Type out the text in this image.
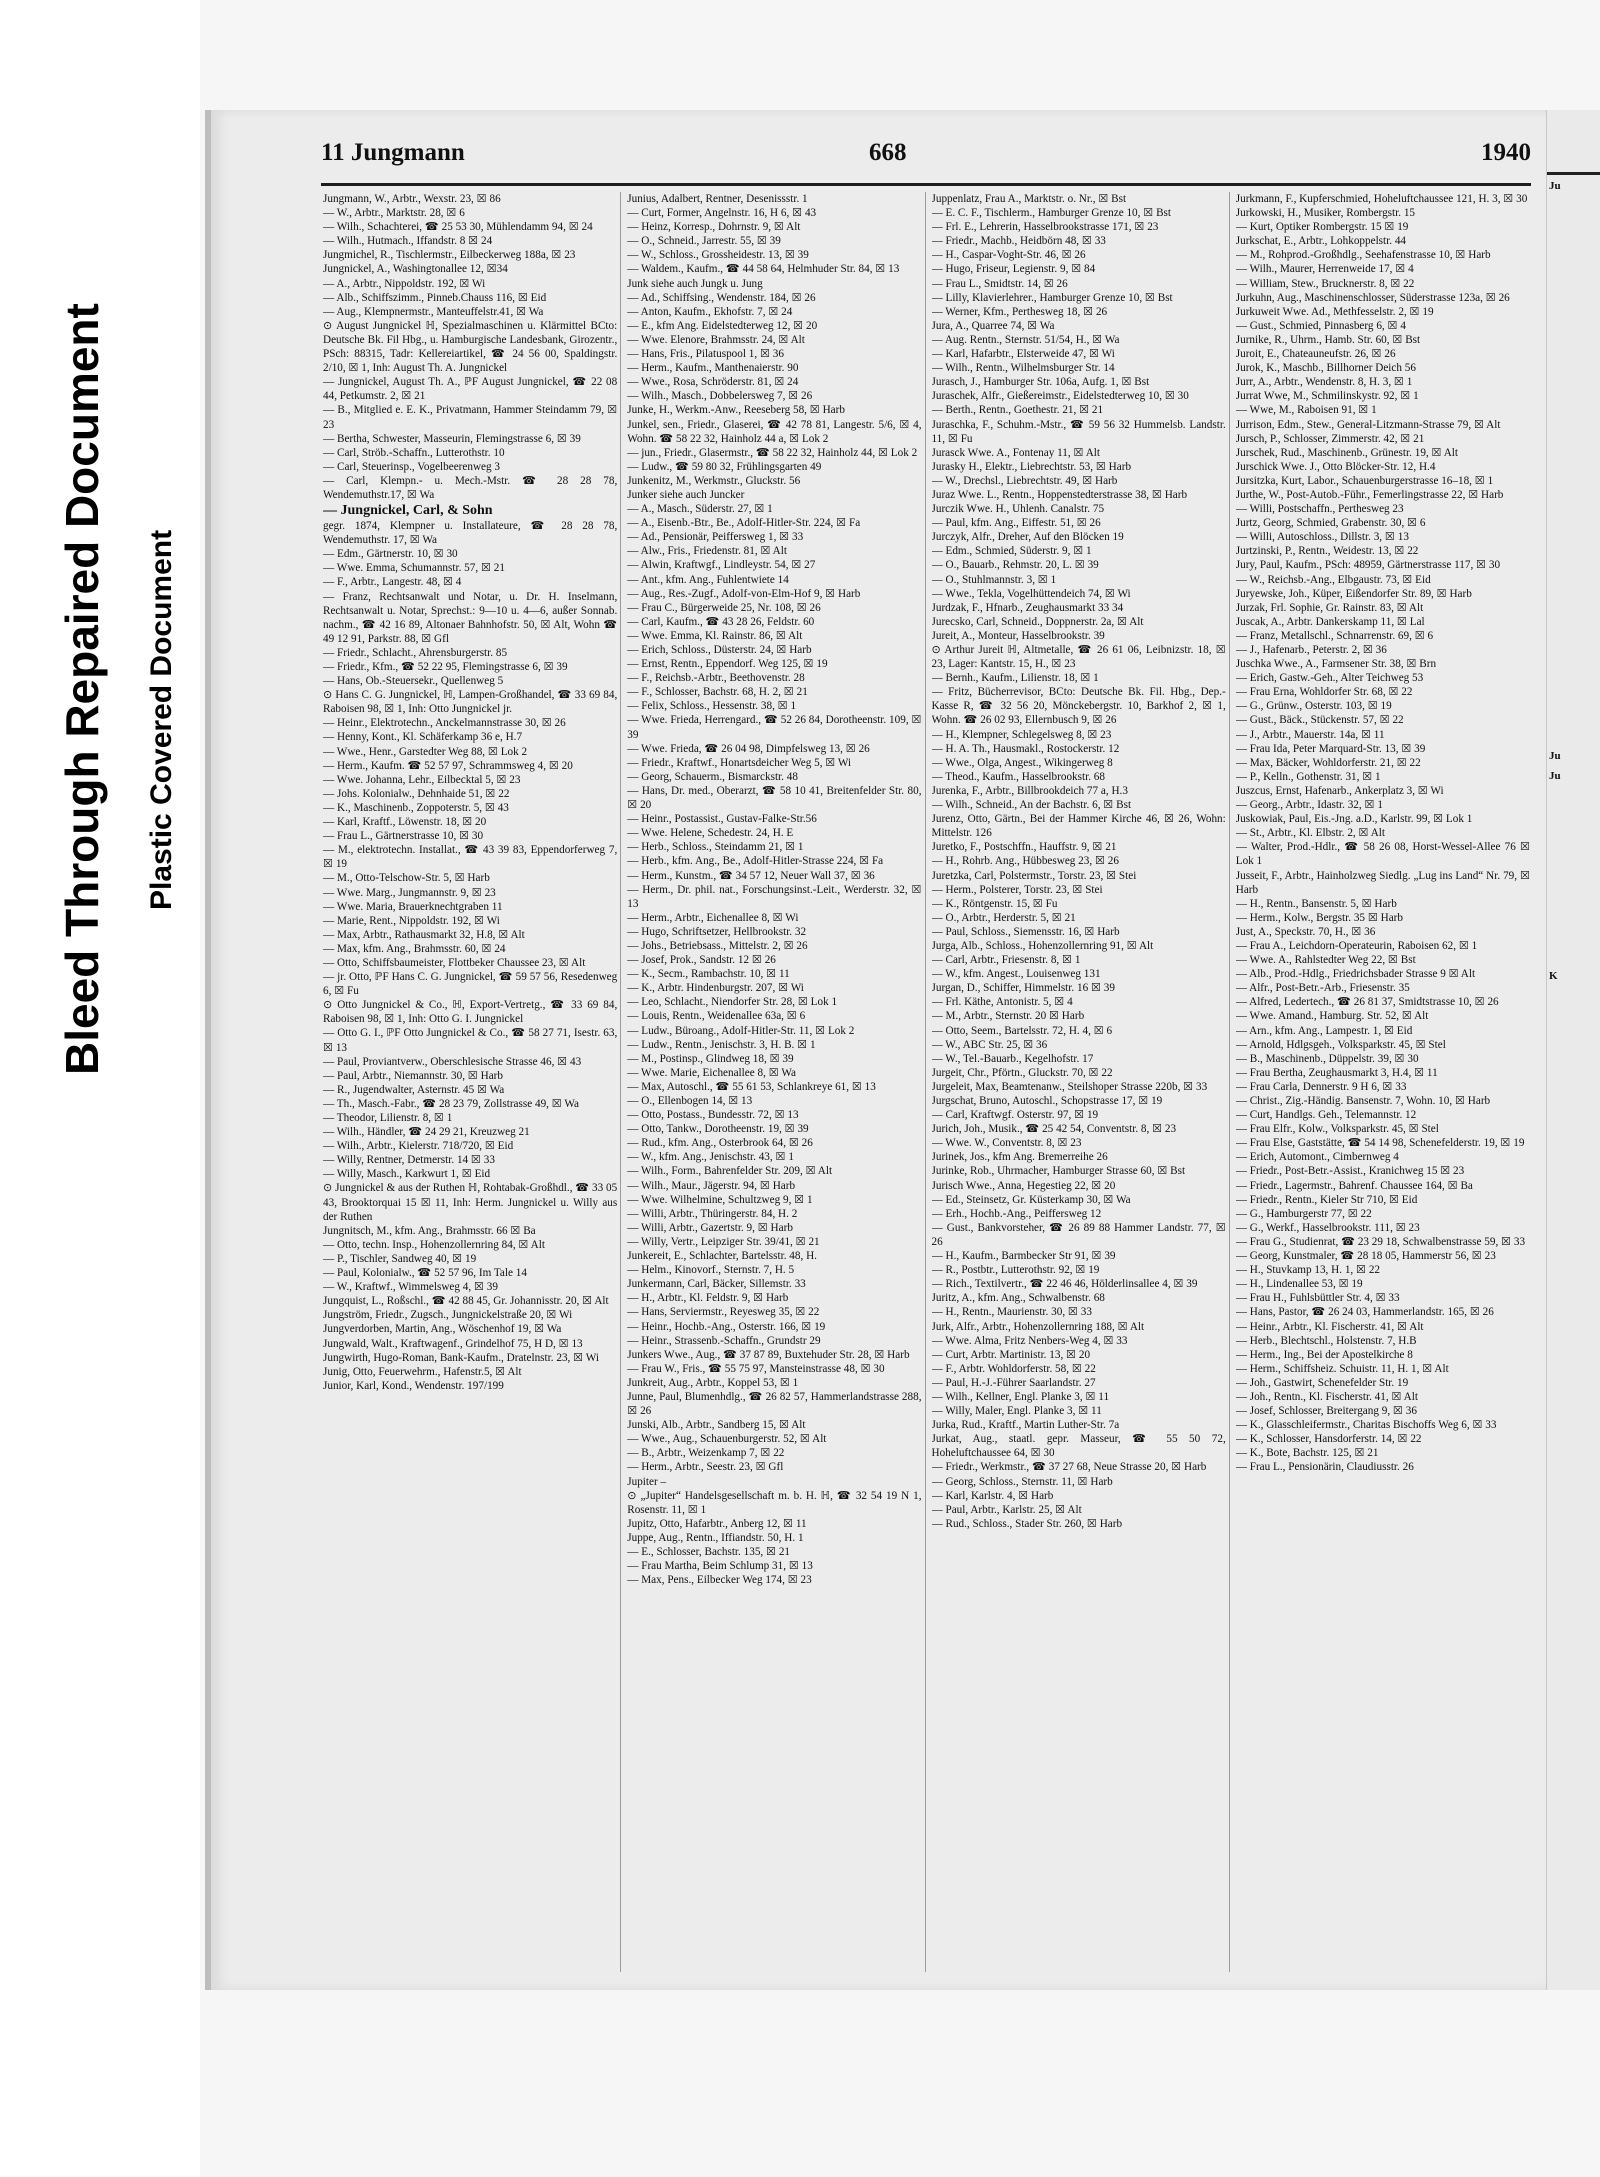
Bleed Through Repaired Document Plastic Covered Document
11 Jungmann	668	1940
Jungmann, W., Arbtr., Wexstr. 23, ☒ 86
— W., Arbtr., Marktstr. 28, ☒ 6
— Wilh., Schachterei, ☎ 25 53 30, Mühlendamm 94, ☒ 24
— Wilh., Hutmach., Iffandstr. 8 ☒ 24
Jungmichel, R., Tischlermstr., Eilbeckerweg 188a, ☒ 23
Jungnickel, A., Washingtonallee 12, ☒34
— A., Arbtr., Nippoldstr. 192, ☒ Wi
— Alb., Schiffszimm., Pinneb.Chauss 116, ☒ Eid
— Aug., Klempnermstr., Manteuffelstr.41, ☒ Wa
⊙ August Jungnickel ℍ, Spezialmaschinen u. Klärmittel BCto: Deutsche Bk. Fil Hbg., u. Hamburgische Landesbank, Girozentr., PSch: 88315, Tadr: Kellereiartikel, ☎ 24 56 00, Spaldingstr. 2/10, ☒ 1, Inh: August Th. A. Jungnickel
— Jungnickel, August Th. A., ℙF August Jungnickel, ☎ 22 08 44, Petkumstr. 2, ☒ 21
— B., Mitglied e. E. K., Privatmann, Hammer Steindamm 79, ☒ 23
— Bertha, Schwester, Masseurin, Flemingstrasse 6, ☒ 39
— Carl, Ströb.-Schaffn., Lutterothstr. 10
— Carl, Steuerinsp., Vogelbeerenweg 3
— Carl, Klempn.- u. Mech.-Mstr. ☎ 28 28 78, Wendemuthstr.17, ☒ Wa
— Jungnickel, Carl, & Sohn
gegr. 1874, Klempner u. Installateure, ☎ 28 28 78, Wendemuthstr. 17, ☒ Wa
— Edm., Gärtnerstr. 10, ☒ 30
— Wwe. Emma, Schumannstr. 57, ☒ 21
— F., Arbtr., Langestr. 48, ☒ 4
— Franz, Rechtsanwalt und Notar, u. Dr. H. Inselmann, Rechtsanwalt u. Notar, Sprechst.: 9—10 u. 4—6, außer Sonnab. nachm., ☎ 42 16 89, Altonaer Bahnhofstr. 50, ☒ Alt, Wohn ☎ 49 12 91, Parkstr. 88, ☒ Gfl
— Friedr., Schlacht., Ahrensburgerstr. 85
— Friedr., Kfm., ☎ 52 22 95, Flemingstrasse 6, ☒ 39
— Hans, Ob.-Steuersekr., Quellenweg 5
⊙ Hans C. G. Jungnickel, ℍ, Lampen-Großhandel, ☎ 33 69 84, Raboisen 98, ☒ 1, Inh: Otto Jungnickel jr.
— Heinr., Elektrotechn., Anckelmannstrasse 30, ☒ 26
— Henny, Kont., Kl. Schäferkamp 36 e, H.7
— Wwe., Henr., Garstedter Weg 88, ☒ Lok 2
— Herm., Kaufm. ☎ 52 57 97, Schrammsweg 4, ☒ 20
— Wwe. Johanna, Lehr., Eilbecktal 5, ☒ 23
— Johs. Kolonialw., Dehnhaide 51, ☒ 22
— K., Maschinenb., Zoppoterstr. 5, ☒ 43
— Karl, Kraftf., Löwenstr. 18, ☒ 20
— Frau L., Gärtnerstrasse 10, ☒ 30
— M., elektrotechn. Installat., ☎ 43 39 83, Eppendorferweg 7, ☒ 19
— M., Otto-Telschow-Str. 5, ☒ Harb
— Wwe. Marg., Jungmannstr. 9, ☒ 23
— Wwe. Maria, Brauerknechtgraben 11
— Marie, Rent., Nippoldstr. 192, ☒ Wi
— Max, Arbtr., Rathausmarkt 32, H.8, ☒ Alt
— Max, kfm. Ang., Brahmsstr. 60, ☒ 24
— Otto, Schiffsbaumeister, Flottbeker Chaussee 23, ☒ Alt
— jr. Otto, ℙF Hans C. G. Jungnickel, ☎ 59 57 56, Resedenweg 6, ☒ Fu
⊙ Otto Jungnickel & Co., ℍ, Export-Vertretg., ☎ 33 69 84, Raboisen 98, ☒ 1, Inh: Otto G. I. Jungnickel
— Otto G. I., ℙF Otto Jungnickel & Co., ☎ 58 27 71, Isestr. 63, ☒ 13
— Paul, Proviantverw., Oberschlesische Strasse 46, ☒ 43
— Paul, Arbtr., Niemannstr. 30, ☒ Harb
— R., Jugendwalter, Asternstr. 45 ☒ Wa
— Th., Masch.-Fabr., ☎ 28 23 79, Zollstrasse 49, ☒ Wa
— Theodor, Lilienstr. 8, ☒ 1
— Wilh., Händler, ☎ 24 29 21, Kreuzweg 21
— Wilh., Arbtr., Kielerstr. 718/720, ☒ Eid
— Willy, Rentner, Detmerstr. 14 ☒ 33
— Willy, Masch., Karkwurt 1, ☒ Eid
⊙ Jungnickel & aus der Ruthen ℍ, Rohtabak-Großhdl., ☎ 33 05 43, Brooktorquai 15 ☒ 11, Inh: Herm. Jungnickel u. Willy aus der Ruthen
Jungnitsch, M., kfm. Ang., Brahmsstr. 66 ☒ Ba
— Otto, techn. Insp., Hohenzollernring 84, ☒ Alt
— P., Tischler, Sandweg 40, ☒ 19
— Paul, Kolonialw., ☎ 52 57 96, Im Tale 14
— W., Kraftwf., Wimmelsweg 4, ☒ 39
Jungquist, L., Roßschl., ☎ 42 88 45, Gr. Johannisstr. 20, ☒ Alt
Jungström, Friedr., Zugsch., Jungnickelstraße 20, ☒ Wi
Jungverdorben, Martin, Ang., Wöschenhof 19, ☒ Wa
Jungwald, Walt., Kraftwagenf., Grindelhof 75, H D, ☒ 13
Jungwirth, Hugo-Roman, Bank-Kaufm., Dratelnstr. 23, ☒ Wi
Junig, Otto, Feuerwehrm., Hafenstr.5, ☒ Alt
Junior, Karl, Kond., Wendenstr. 197/199
Junius, Adalbert, Rentner, Desenissstr. 1
— Curt, Former, Angelnstr. 16, H 6, ☒ 43
— Heinz, Korresp., Dohrnstr. 9, ☒ Alt
— O., Schneid., Jarrestr. 55, ☒ 39
— W., Schloss., Grossheidestr. 13, ☒ 39
— Waldem., Kaufm., ☎ 44 58 64, Helmhuder Str. 84, ☒ 13
Junk siehe auch Jungk u. Jung
— Ad., Schiffsing., Wendenstr. 184, ☒ 26
— Anton, Kaufm., Ekhofstr. 7, ☒ 24
— E., kfm Ang. Eidelstedterweg 12, ☒ 20
— Wwe. Elenore, Brahmsstr. 24, ☒ Alt
— Hans, Fris., Pilatuspool 1, ☒ 36
— Herm., Kaufm., Manthenaierstr. 90
— Wwe., Rosa, Schröderstr. 81, ☒ 24
— Wilh., Masch., Dobbelersweg 7, ☒ 26
Junke, H., Werkm.-Anw., Reeseberg 58, ☒ Harb
Junkel, sen., Friedr., Glaserei, ☎ 42 78 81, Langestr. 5/6, ☒ 4, Wohn. ☎ 58 22 32, Hainholz 44 a, ☒ Lok 2
— jun., Friedr., Glasermstr., ☎ 58 22 32, Hainholz 44, ☒ Lok 2
— Ludw., ☎ 59 80 32, Frühlingsgarten 49
Junkenitz, M., Werkmstr., Gluckstr. 56
Junker siehe auch Juncker
— A., Masch., Süderstr. 27, ☒ 1
— A., Eisenb.-Btr., Be., Adolf-Hitler-Str. 224, ☒ Fa
— Ad., Pensionär, Peiffersweg 1, ☒ 33
— Alw., Fris., Friedenstr. 81, ☒ Alt
— Alwin, Kraftwgf., Lindleystr. 54, ☒ 27
— Ant., kfm. Ang., Fuhlentwiete 14
— Aug., Res.-Zugf., Adolf-von-Elm-Hof 9, ☒ Harb
— Frau C., Bürgerweide 25, Nr. 108, ☒ 26
— Carl, Kaufm., ☎ 43 28 26, Feldstr. 60
— Wwe. Emma, Kl. Rainstr. 86, ☒ Alt
— Erich, Schloss., Düsterstr. 24, ☒ Harb
— Ernst, Rentn., Eppendorf. Weg 125, ☒ 19
— F., Reichsb.-Arbtr., Beethovenstr. 28
— F., Schlosser, Bachstr. 68, H. 2, ☒ 21
— Felix, Schloss., Hessenstr. 38, ☒ 1
— Wwe. Frieda, Herrengard., ☎ 52 26 84, Dorotheenstr. 109, ☒ 39
— Wwe. Frieda, ☎ 26 04 98, Dimpfelsweg 13, ☒ 26
— Friedr., Kraftwf., Honartsdeicher Weg 5, ☒ Wi
— Georg, Schauerm., Bismarckstr. 48
— Hans, Dr. med., Oberarzt, ☎ 58 10 41, Breitenfelder Str. 80, ☒ 20
— Heinr., Postassist., Gustav-Falke-Str.56
— Wwe. Helene, Schedestr. 24, H. E
— Herb., Schloss., Steindamm 21, ☒ 1
— Herb., kfm. Ang., Be., Adolf-Hitler-Strasse 224, ☒ Fa
— Herm., Kunstm., ☎ 34 57 12, Neuer Wall 37, ☒ 36
— Herm., Dr. phil. nat., Forschungsinst.-Leit., Werderstr. 32, ☒ 13
— Herm., Arbtr., Eichenallee 8, ☒ Wi
— Hugo, Schriftsetzer, Hellbrookstr. 32
— Johs., Betriebsass., Mittelstr. 2, ☒ 26
— Josef, Prok., Sandstr. 12 ☒ 26
— K., Secm., Rambachstr. 10, ☒ 11
— K., Arbtr. Hindenburgstr. 207, ☒ Wi
— Leo, Schlacht., Niendorfer Str. 28, ☒ Lok 1
— Louis, Rentn., Weidenallee 63a, ☒ 6
— Ludw., Büroang., Adolf-Hitler-Str. 11, ☒ Lok 2
— Ludw., Rentn., Jenischstr. 3, H. B. ☒ 1
— M., Postinsp., Glindweg 18, ☒ 39
— Wwe. Marie, Eichenallee 8, ☒ Wa
— Max, Autoschl., ☎ 55 61 53, Schlankreye 61, ☒ 13
— O., Ellenbogen 14, ☒ 13
— Otto, Postass., Bundesstr. 72, ☒ 13
— Otto, Tankw., Dorotheenstr. 19, ☒ 39
— Rud., kfm. Ang., Osterbrook 64, ☒ 26
— W., kfm. Ang., Jenischstr. 43, ☒ 1
— Wilh., Form., Bahrenfelder Str. 209, ☒ Alt
— Wilh., Maur., Jägerstr. 94, ☒ Harb
— Wwe. Wilhelmine, Schultzweg 9, ☒ 1
— Willi, Arbtr., Thüringerstr. 84, H. 2
— Willi, Arbtr., Gazertstr. 9, ☒ Harb
— Willy, Vertr., Leipziger Str. 39/41, ☒ 21
Junkereit, E., Schlachter, Bartelsstr. 48, H.
— Helm., Kinovorf., Sternstr. 7, H. 5
Junkermann, Carl, Bäcker, Sillemstr. 33
— H., Arbtr., Kl. Feldstr. 9, ☒ Harb
— Hans, Serviermstr., Reyesweg 35, ☒ 22
— Heinr., Hochb.-Ang., Osterstr. 166, ☒ 19
— Heinr., Strassenb.-Schaffn., Grundstr 29
Junkers Wwe., Aug., ☎ 37 87 89, Buxtehuder Str. 28, ☒ Harb
— Frau W., Fris., ☎ 55 75 97, Mansteinstrasse 48, ☒ 30
Junkreit, Aug., Arbtr., Koppel 53, ☒ 1
Junne, Paul, Blumenhdlg., ☎ 26 82 57, Hammerlandstrasse 288, ☒ 26
Junski, Alb., Arbtr., Sandberg 15, ☒ Alt
— Wwe., Aug., Schauenburgerstr. 52, ☒ Alt
— B., Arbtr., Weizenkamp 7, ☒ 22
— Herm., Arbtr., Seestr. 23, ☒ Gfl
Jupiter –
⊙ „Jupiter“ Handelsgesellschaft m. b. H. ℍ, ☎ 32 54 19 N 1, Rosenstr. 11, ☒ 1
Jupitz, Otto, Hafarbtr., Anberg 12, ☒ 11
Juppe, Aug., Rentn., Iffiandstr. 50, H. 1
— E., Schlosser, Bachstr. 135, ☒ 21
— Frau Martha, Beim Schlump 31, ☒ 13
— Max, Pens., Eilbecker Weg 174, ☒ 23
Juppenlatz, Frau A., Marktstr. o. Nr., ☒ Bst
— E. C. F., Tischlerm., Hamburger Grenze 10, ☒ Bst
— Frl. E., Lehrerin, Hasselbrookstrasse 171, ☒ 23
— Friedr., Machb., Heidbörn 48, ☒ 33
— H., Caspar-Voght-Str. 46, ☒ 26
— Hugo, Friseur, Legienstr. 9, ☒ 84
— Frau L., Smidtstr. 14, ☒ 26
— Lilly, Klavierlehrer., Hamburger Grenze 10, ☒ Bst
— Werner, Kfm., Perthesweg 18, ☒ 26
Jura, A., Quarree 74, ☒ Wa
— Aug. Rentn., Sternstr. 51/54, H., ☒ Wa
— Karl, Hafarbtr., Elsterweide 47, ☒ Wi
— Wilh., Rentn., Wilhelmsburger Str. 14
Jurasch, J., Hamburger Str. 106a, Aufg. 1, ☒ Bst
Juraschek, Alfr., Gießereimstr., Eidelstedterweg 10, ☒ 30
— Berth., Rentn., Goethestr. 21, ☒ 21
Juraschka, F., Schuhm.-Mstr., ☎ 59 56 32 Hummelsb. Landstr. 11, ☒ Fu
Jurasck Wwe. A., Fontenay 11, ☒ Alt
Jurasky H., Elektr., Liebrechtstr. 53, ☒ Harb
— W., Drechsl., Liebrechtstr. 49, ☒ Harb
Juraz Wwe. L., Rentn., Hoppenstedterstrasse 38, ☒ Harb
Jurczik Wwe. H., Uhlenh. Canalstr. 75
— Paul, kfm. Ang., Eiffestr. 51, ☒ 26
Jurczyk, Alfr., Dreher, Auf den Blöcken 19
— Edm., Schmied, Süderstr. 9, ☒ 1
— O., Bauarb., Rehmstr. 20, L. ☒ 39
— O., Stuhlmannstr. 3, ☒ 1
— Wwe., Tekla, Vogelhüttendeich 74, ☒ Wi
Jurdzak, F., Hfnarb., Zeughausmarkt 33 34
Jurecsko, Carl, Schneid., Doppnerstr. 2a, ☒ Alt
Jureit, A., Monteur, Hasselbrookstr. 39
⊙ Arthur Jureit ℍ, Altmetalle, ☎ 26 61 06, Leibnizstr. 18, ☒ 23, Lager: Kantstr. 15, H., ☒ 23
— Bernh., Kaufm., Lilienstr. 18, ☒ 1
— Fritz, Bücherrevisor, BCto: Deutsche Bk. Fil. Hbg., Dep.-Kasse R, ☎ 32 56 20, Mönckebergstr. 10, Barkhof 2, ☒ 1, Wohn. ☎ 26 02 93, Ellernbusch 9, ☒ 26
— H., Klempner, Schlegelsweg 8, ☒ 23
— H. A. Th., Hausmakl., Rostockerstr. 12
— Wwe., Olga, Angest., Wikingerweg 8
— Theod., Kaufm., Hasselbrookstr. 68
Jurenka, F., Arbtr., Billbrookdeich 77 a, H.3
— Wilh., Schneid., An der Bachstr. 6, ☒ Bst
Jurenz, Otto, Gärtn., Bei der Hammer Kirche 46, ☒ 26, Wohn: Mittelstr. 126
Juretko, F., Postschffn., Hauffstr. 9, ☒ 21
— H., Rohrb. Ang., Hübbesweg 23, ☒ 26
Juretzka, Carl, Polstermstr., Torstr. 23, ☒ Stei
— Herm., Polsterer, Torstr. 23, ☒ Stei
— K., Röntgenstr. 15, ☒ Fu
— O., Arbtr., Herderstr. 5, ☒ 21
— Paul, Schloss., Siemensstr. 16, ☒ Harb
Jurga, Alb., Schloss., Hohenzollernring 91, ☒ Alt
— Carl, Arbtr., Friesenstr. 8, ☒ 1
— W., kfm. Angest., Louisenweg 131
Jurgan, D., Schiffer, Himmelstr. 16 ☒ 39
— Frl. Käthe, Antonistr. 5, ☒ 4
— M., Arbtr., Sternstr. 20 ☒ Harb
— Otto, Seem., Bartelsstr. 72, H. 4, ☒ 6
— W., ABC Str. 25, ☒ 36
— W., Tel.-Bauarb., Kegelhofstr. 17
Jurgeit, Chr., Pförtn., Gluckstr. 70, ☒ 22
Jurgeleit, Max, Beamtenanw., Steilshoper Strasse 220b, ☒ 33
Jurgschat, Bruno, Autoschl., Schopstrasse 17, ☒ 19
— Carl, Kraftwgf. Osterstr. 97, ☒ 19
Jurich, Joh., Musik., ☎ 25 42 54, Conventstr. 8, ☒ 23
— Wwe. W., Conventstr. 8, ☒ 23
Jurinek, Jos., kfm Ang. Bremerreihe 26
Jurinke, Rob., Uhrmacher, Hamburger Strasse 60, ☒ Bst
Jurisch Wwe., Anna, Hegestieg 22, ☒ 20
— Ed., Steinsetz, Gr. Küsterkamp 30, ☒ Wa
— Erh., Hochb.-Ang., Peiffersweg 12
— Gust., Bankvorsteher, ☎ 26 89 88 Hammer Landstr. 77, ☒ 26
— H., Kaufm., Barmbecker Str 91, ☒ 39
— R., Postbtr., Lutterothstr. 92, ☒ 19
— Rich., Textilvertr., ☎ 22 46 46, Hölderlinsallee 4, ☒ 39
Juritz, A., kfm. Ang., Schwalbenstr. 68
— H., Rentn., Maurienstr. 30, ☒ 33
Jurk, Alfr., Arbtr., Hohenzollernring 188, ☒ Alt
— Wwe. Alma, Fritz Nenbers-Weg 4, ☒ 33
— Curt, Arbtr. Martinistr. 13, ☒ 20
— F., Arbtr. Wohldorferstr. 58, ☒ 22
— Paul, H.-J.-Führer Saarlandstr. 27
— Wilh., Kellner, Engl. Planke 3, ☒ 11
— Willy, Maler, Engl. Planke 3, ☒ 11
Jurka, Rud., Kraftf., Martin Luther-Str. 7a
Jurkat, Aug., staatl. gepr. Masseur, ☎ 55 50 72, Hoheluftchaussee 64, ☒ 30
— Friedr., Werkmstr., ☎ 37 27 68, Neue Strasse 20, ☒ Harb
— Georg, Schloss., Sternstr. 11, ☒ Harb
— Karl, Karlstr. 4, ☒ Harb
— Paul, Arbtr., Karlstr. 25, ☒ Alt
— Rud., Schloss., Stader Str. 260, ☒ Harb
Jurkmann, F., Kupferschmied, Hoheluftchaussee 121, H. 3, ☒ 30
Jurkowski, H., Musiker, Rombergstr. 15
— Kurt, Optiker Rombergstr. 15 ☒ 19
Jurkschat, E., Arbtr., Lohkoppelstr. 44
— M., Rohprod.-Großhdlg., Seehafenstrasse 10, ☒ Harb
— Wilh., Maurer, Herrenweide 17, ☒ 4
— William, Stew., Brucknerstr. 8, ☒ 22
Jurkuhn, Aug., Maschinenschlosser, Süderstrasse 123a, ☒ 26
Jurkuweit Wwe. Ad., Methfesselstr. 2, ☒ 19
— Gust., Schmied, Pinnasberg 6, ☒ 4
Jurnike, R., Uhrm., Hamb. Str. 60, ☒ Bst
Juroit, E., Chateauneufstr. 26, ☒ 26
Jurok, K., Maschb., Billhorner Deich 56
Jurr, A., Arbtr., Wendenstr. 8, H. 3, ☒ 1
Jurrat Wwe, M., Schmilinskystr. 92, ☒ 1
— Wwe, M., Raboisen 91, ☒ 1
Jurrison, Edm., Stew., General-Litzmann-Strasse 79, ☒ Alt
Jursch, P., Schlosser, Zimmerstr. 42, ☒ 21
Jurschek, Rud., Maschinenb., Grünestr. 19, ☒ Alt
Jurschick Wwe. J., Otto Blöcker-Str. 12, H.4
Jursitzka, Kurt, Labor., Schauenburgerstrasse 16–18, ☒ 1
Jurthe, W., Post-Autob.-Führ., Femerlingstrasse 22, ☒ Harb
— Willi, Postschaffn., Perthesweg 23
Jurtz, Georg, Schmied, Grabenstr. 30, ☒ 6
— Willi, Autoschloss., Dillstr. 3, ☒ 13
Jurtzinski, P., Rentn., Weidestr. 13, ☒ 22
Jury, Paul, Kaufm., PSch: 48959, Gärtnerstrasse 117, ☒ 30
— W., Reichsb.-Ang., Elbgaustr. 73, ☒ Eid
Juryewske, Joh., Küper, Eißendorfer Str. 89, ☒ Harb
Jurzak, Frl. Sophie, Gr. Rainstr. 83, ☒ Alt
Juscak, A., Arbtr. Dankerskamp 11, ☒ Lal
— Franz, Metallschl., Schnarrenstr. 69, ☒ 6
— J., Hafenarb., Peterstr. 2, ☒ 36
Juschka Wwe., A., Farmsener Str. 38, ☒ Brn
— Erich, Gastw.-Geh., Alter Teichweg 53
— Frau Erna, Wohldorfer Str. 68, ☒ 22
— G., Grünw., Osterstr. 103, ☒ 19
— Gust., Bäck., Stückenstr. 57, ☒ 22
— J., Arbtr., Mauerstr. 14a, ☒ 11
— Frau Ida, Peter Marquard-Str. 13, ☒ 39
— Max, Bäcker, Wohldorferstr. 21, ☒ 22
— P., Kelln., Gothenstr. 31, ☒ 1
Juszcus, Ernst, Hafenarb., Ankerplatz 3, ☒ Wi
— Georg., Arbtr., Idastr. 32, ☒ 1
Juskowiak, Paul, Eis.-Jng. a.D., Karlstr. 99, ☒ Lok 1
— St., Arbtr., Kl. Elbstr. 2, ☒ Alt
— Walter, Prod.-Hdlr., ☎ 58 26 08, Horst-Wessel-Allee 76 ☒ Lok 1
Jusseit, F., Arbtr., Hainholzweg Siedlg. „Lug ins Land“ Nr. 79, ☒ Harb
— H., Rentn., Bansenstr. 5, ☒ Harb
— Herm., Kolw., Bergstr. 35 ☒ Harb
Just, A., Speckstr. 70, H., ☒ 36
— Frau A., Leichdorn-Operateurin, Raboisen 62, ☒ 1
— Wwe. A., Rahlstedter Weg 22, ☒ Bst
— Alb., Prod.-Hdlg., Friedrichsbader Strasse 9 ☒ Alt
— Alfr., Post-Betr.-Arb., Friesenstr. 35
— Alfred, Ledertech., ☎ 26 81 37, Smidtstrasse 10, ☒ 26
— Wwe. Amand., Hamburg. Str. 52, ☒ Alt
— Arn., kfm. Ang., Lampestr. 1, ☒ Eid
— Arnold, Hdlgsgeh., Volksparkstr. 45, ☒ Stel
— B., Maschinenb., Düppelstr. 39, ☒ 30
— Frau Bertha, Zeughausmarkt 3, H.4, ☒ 11
— Frau Carla, Dennerstr. 9 H 6, ☒ 33
— Christ., Zig.-Händig. Bansenstr. 7, Wohn. 10, ☒ Harb
— Curt, Handlgs. Geh., Telemannstr. 12
— Frau Elfr., Kolw., Volksparkstr. 45, ☒ Stel
— Frau Else, Gaststätte, ☎ 54 14 98, Schenefelderstr. 19, ☒ 19
— Erich, Automont., Cimbernweg 4
— Friedr., Post-Betr.-Assist., Kranichweg 15 ☒ 23
— Friedr., Lagermstr., Bahrenf. Chaussee 164, ☒ Ba
— Friedr., Rentn., Kieler Str 710, ☒ Eid
— G., Hamburgerstr 77, ☒ 22
— G., Werkf., Hasselbrookstr. 111, ☒ 23
— Frau G., Studienrat, ☎ 23 29 18, Schwalbenstrasse 59, ☒ 33
— Georg, Kunstmaler, ☎ 28 18 05, Hammerstr 56, ☒ 23
— H., Stuvkamp 13, H. 1, ☒ 22
— H., Lindenallee 53, ☒ 19
— Frau H., Fuhlsbüttler Str. 4, ☒ 33
— Hans, Pastor, ☎ 26 24 03, Hammerlandstr. 165, ☒ 26
— Heinr., Arbtr., Kl. Fischerstr. 41, ☒ Alt
— Herb., Blechtschl., Holstenstr. 7, H.B
— Herm., Ing., Bei der Apostelkirche 8
— Herm., Schiffsheiz. Schuistr. 11, H. 1, ☒ Alt
— Joh., Gastwirt, Schenefelder Str. 19
— Joh., Rentn., Kl. Fischerstr. 41, ☒ Alt
— Josef, Schlosser, Breitergang 9, ☒ 36
— K., Glasschleifermstr., Charitas Bischoffs Weg 6, ☒ 33
— K., Schlosser, Hansdorferstr. 14, ☒ 22
— K., Bote, Bachstr. 125, ☒ 21
— Frau L., Pensionärin, Claudiusstr. 26
Ju
Ju
Ju
K
